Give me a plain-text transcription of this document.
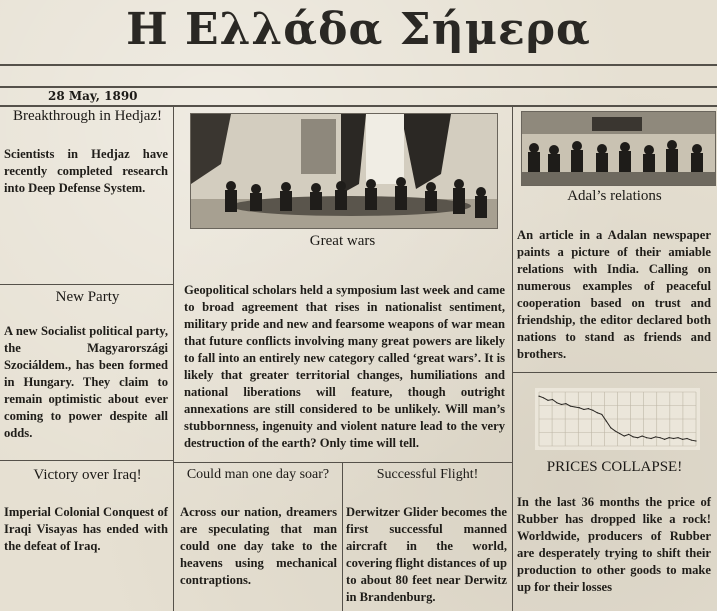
Η Ελλάδα Σήμερα
28 May, 1890
Breakthrough in Hedjaz!
Scientists in Hedjaz have recently completed research into Deep Defense System.
New Party
A new Socialist political party, the Magyarországi Szociáldem., has been formed in Hungary. They claim to remain optimistic about ever coming to power despite all odds.
Victory over Iraq!
Imperial Colonial Conquest of Iraqi Visayas has ended with the defeat of Iraq.
Great wars
Geopolitical scholars held a symposium last week and came to broad agreement that rises in nationalist sentiment, military pride and new and fearsome weapons of war mean that future conflicts involving many great powers are likely to fall into an entirely new category called ‘great wars’. It is likely that greater territorial changes, humiliations and national liberations will feature, though outright annexations are still considered to be unlikely. Will man’s stubbornness, ingenuity and violent nature lead to the very destruction of the earth? Only time will tell.
Could man one day soar?
Across our nation, dreamers are speculating that man could one day take to the heavens using mechanical contraptions.
Successful Flight!
Derwitzer Glider becomes the first successful manned aircraft in the world, covering flight distances of up to about 80 feet near Derwitz in Brandenburg.
Adal’s relations
An article in a Adalan newspaper paints a picture of their amiable relations with India. Calling on numerous examples of peaceful cooperation based on trust and friendship, the editor declared both nations to stand as friends and brothers.
PRICES COLLAPSE!
In the last 36 months the price of Rubber has dropped like a rock! Worldwide, producers of Rubber are desperately trying to shift their production to other goods to make up for their losses
